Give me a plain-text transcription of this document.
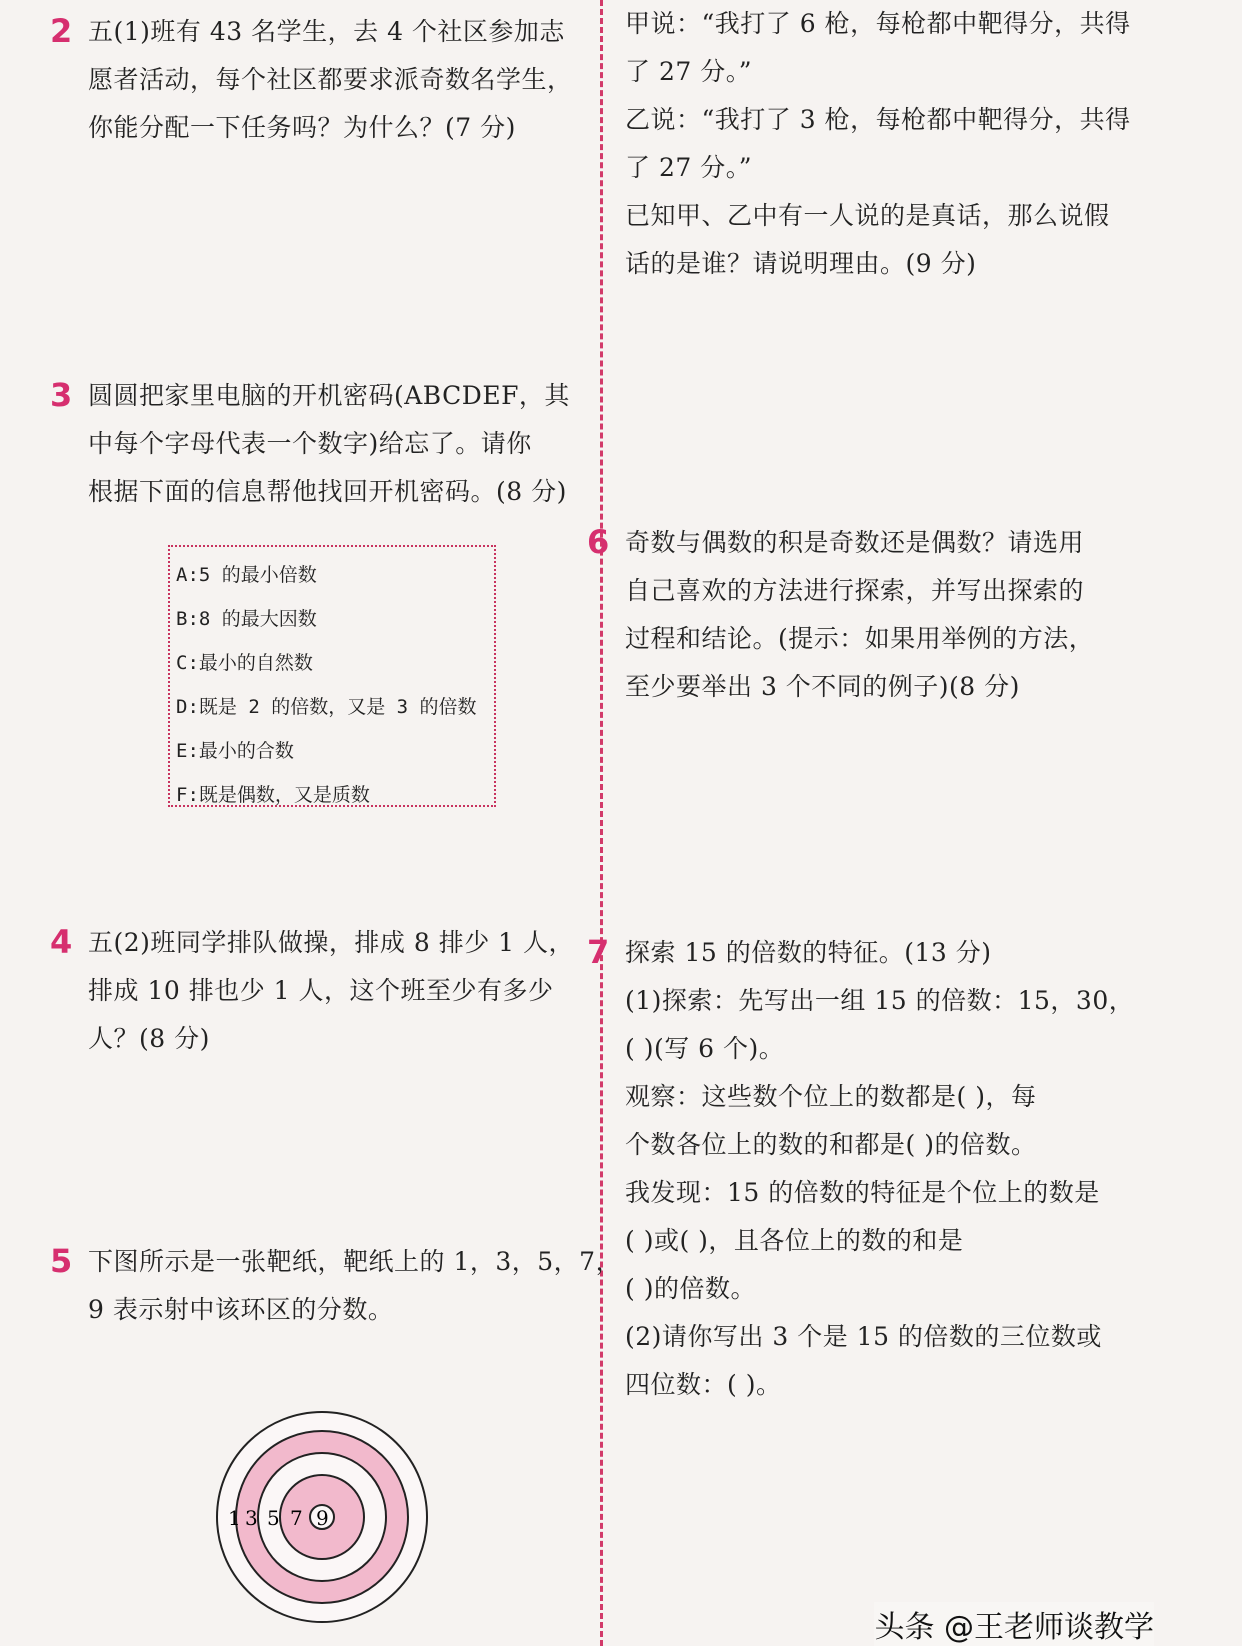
2 五(1)班有 43 名学生，去 4 个社区参加志
愿者活动，每个社区都要求派奇数名学生，
你能分配一下任务吗？为什么？(7 分)
3 圆圆把家里电脑的开机密码(ABCDEF，其
中每个字母代表一个数字)给忘了。请你
根据下面的信息帮他找回开机密码。(8 分)
A:5 的最小倍数
B:8 的最大因数
C:最小的自然数
D:既是 2 的倍数，又是 3 的倍数
E:最小的合数
F:既是偶数，又是质数
4 五(2)班同学排队做操，排成 8 排少 1 人，
排成 10 排也少 1 人，这个班至少有多少
人？(8 分)
5 下图所示是一张靶纸，靶纸上的 1，3，5，7，
9 表示射中该环区的分数。
1 3 5 7 9
甲说：“我打了 6 枪，每枪都中靶得分，共得
了 27 分。”
乙说：“我打了 3 枪，每枪都中靶得分，共得
了 27 分。”
已知甲、乙中有一人说的是真话，那么说假
话的是谁？请说明理由。(9 分)
6 奇数与偶数的积是奇数还是偶数？请选用
自己喜欢的方法进行探索，并写出探索的
过程和结论。(提示：如果用举例的方法，
至少要举出 3 个不同的例子)(8 分)
7 探索 15 的倍数的特征。(13 分)
(1)探索：先写出一组 15 的倍数：15，30，
( )(写 6 个)。
观察：这些数个位上的数都是( )，每
个数各位上的数的和都是( )的倍数。
我发现：15 的倍数的特征是个位上的数是
( )或( )，且各位上的数的和是
( )的倍数。
(2)请你写出 3 个是 15 的倍数的三位数或
四位数：( )。
头条 @王老师谈教学
